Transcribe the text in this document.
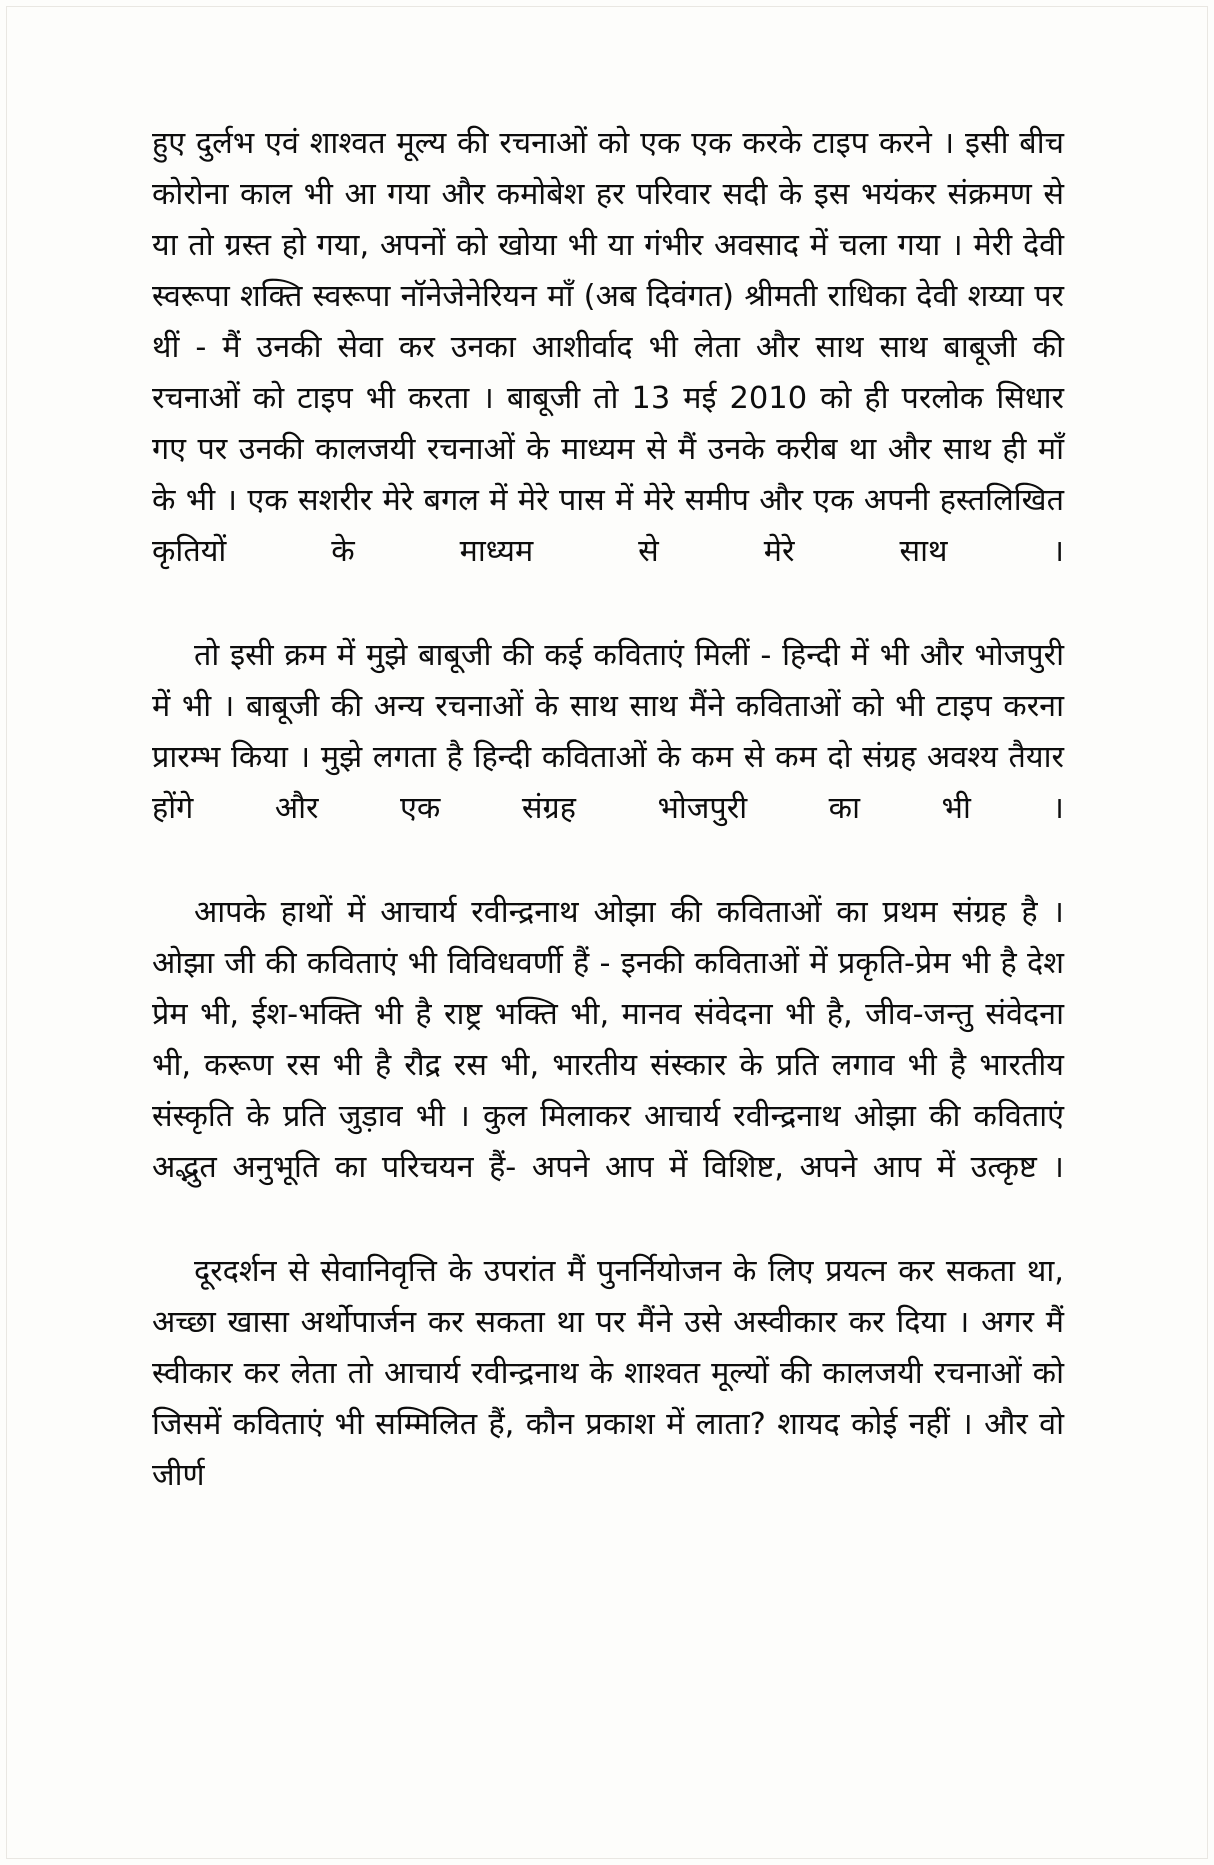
हुए दुर्लभ एवं शाश्वत मूल्य की रचनाओं को एक एक करके टाइप करने । इसी बीच कोरोना काल भी आ गया और कमोबेश हर परिवार सदी के इस भयंकर संक्रमण से या तो ग्रस्त हो गया, अपनों को खोया भी या गंभीर अवसाद में चला गया । मेरी देवी स्वरूपा शक्ति स्वरूपा नॉनेजेनेरियन माँ (अब दिवंगत) श्रीमती राधिका देवी शय्या पर थीं - मैं उनकी सेवा कर उनका आशीर्वाद भी लेता और साथ साथ बाबूजी की रचनाओं को टाइप भी करता । बाबूजी तो 13 मई 2010 को ही परलोक सिधार गए पर उनकी कालजयी रचनाओं के माध्यम से मैं उनके करीब था और साथ ही माँ के भी । एक सशरीर मेरे बगल में मेरे पास में मेरे समीप और एक अपनी हस्तलिखित कृतियों के माध्यम से मेरे साथ ।

तो इसी क्रम में मुझे बाबूजी की कई कविताएं मिलीं - हिन्दी में भी और भोजपुरी में भी । बाबूजी की अन्य रचनाओं के साथ साथ मैंने कविताओं को भी टाइप करना प्रारम्भ किया । मुझे लगता है हिन्दी कविताओं के कम से कम दो संग्रह अवश्य तैयार होंगे और एक संग्रह भोजपुरी का भी ।

आपके हाथों में आचार्य रवीन्द्रनाथ ओझा की कविताओं का प्रथम संग्रह है । ओझा जी की कविताएं भी विविधवर्णी हैं - इनकी कविताओं में प्रकृति-प्रेम भी है देश प्रेम भी, ईश-भक्ति भी है राष्ट्र भक्ति भी, मानव संवेदना भी है, जीव-जन्तु संवेदना भी, करूण रस भी है रौद्र रस भी, भारतीय संस्कार के प्रति लगाव भी है भारतीय संस्कृति के प्रति जुड़ाव भी । कुल मिलाकर आचार्य रवीन्द्रनाथ ओझा की कविताएं अद्भुत अनुभूति का परिचयन हैं- अपने आप में विशिष्ट, अपने आप में उत्कृष्ट ।

दूरदर्शन से सेवानिवृत्ति के उपरांत मैं पुनर्नियोजन के लिए प्रयत्न कर सकता था, अच्छा खासा अर्थोपार्जन कर सकता था पर मैंने उसे अस्वीकार कर दिया । अगर मैं स्वीकार कर लेता तो आचार्य रवीन्द्रनाथ के शाश्वत मूल्यों की कालजयी रचनाओं को जिसमें कविताएं भी सम्मिलित हैं, कौन प्रकाश में लाता? शायद कोई नहीं । और वो जीर्ण
